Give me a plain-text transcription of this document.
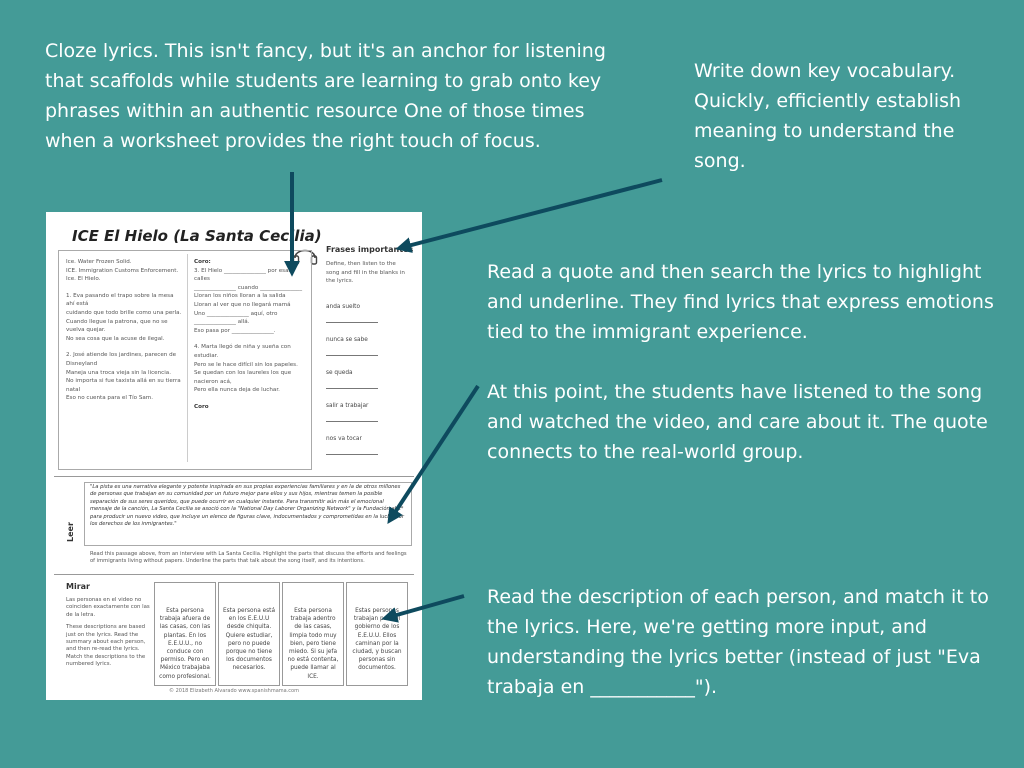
Cloze lyrics. This isn't fancy, but it's an anchor for listening that scaffolds while students are learning to grab onto key phrases within an authentic resource One of those times when a worksheet provides the right touch of focus.

Write down key vocabulary. Quickly, efficiently establish meaning to understand the song.

Read a quote and then search the lyrics to highlight and underline. They find lyrics that express emotions tied to the immigrant experience.

At this point, the students have listened to the song and watched the video, and care about it. The quote connects to the real-world group.

Read the description of each person, and match it to the lyrics. Here, we're getting more input, and understanding the lyrics better (instead of just "Eva trabaja en ___________").

ICE El Hielo (La Santa Cecilia)

Ice. Water Frozen Solid.

ICE. Immigration Customs Enforcement.

Ice. El Hielo.

1. Eva pasando el trapo sobre la mesa ahí está

cuidando que todo brille como una perla.

Cuando llegue la patrona, que no se vuelva quejar.

No sea cosa que la acuse de ilegal.

2. José atiende los jardines, parecen de Disneyland

Maneja una troca vieja sin la licencia.

No importa si fue taxista allá en su tierra natal

Eso no cuenta para el Tío Sam.

Coro:

3. El Hielo _______________ por esas calles

_______________ cuando _______________

Lloran los niños lloran a la salida

Lloran al ver que no llegará mamá

Uno _______________ aquí, otro _______________ allá.

Eso pasa por _______________.

4. Marta llegó de niña y sueña con estudiar.

Pero se le hace difícil sin los papeles.

Se quedan con los laureles los que nacieron acá,

Pero ella nunca deja de luchar.

Coro

Frases importantes
Define, then listen to the song and fill in the blanks in the lyrics.
anda suelto
nunca se sabe
se queda
salir a trabajar
nos va tocar
Leer
"La pista es una narrativa elegante y potente inspirada en sus propias experiencias familiares y en la de otros millones de personas que trabajan en su comunidad por un futuro mejor para ellos y sus hijos, mientras temen la posible separación de sus seres queridos, que puede ocurrir en cualquier instante. Para transmitir aún más el emocional mensaje de la canción, La Santa Cecilia se asoció con la "National Day Laborer Organizing Network" y la Fundación abc* para producir un nuevo video, que incluye un elenco de figuras clave, indocumentados y comprometidas en la lucha por los derechos de los inmigrantes."
Read this passage above, from an interview with La Santa Cecilia. Highlight the parts that discuss the efforts and feelings of immigrants living without papers. Underline the parts that talk about the song itself, and its intentions.
Mirar

Las personas en el video no coinciden exactamente con las de la letra.

These descriptions are based just on the lyrics. Read the summary about each person, and then re-read the lyrics. Match the descriptions to the numbered lyrics.

Esta persona trabaja afuera de las casas, con las plantas. En los E.E.U.U., no conduce con permiso. Pero en México trabajaba como profesional.
Esta persona está en los E.E.U.U desde chiquita. Quiere estudiar, pero no puede porque no tiene los documentos necesarios.
Esta persona trabaja adentro de las casas, limpia todo muy bien, pero tiene miedo. Si su jefa no está contenta, puede llamar al ICE.
Estas personas trabajan para el gobierno de los E.E.U.U. Ellos caminan por la ciudad, y buscan personas sin documentos.
© 2018 Elizabeth Alvarado www.spanishmama.com
